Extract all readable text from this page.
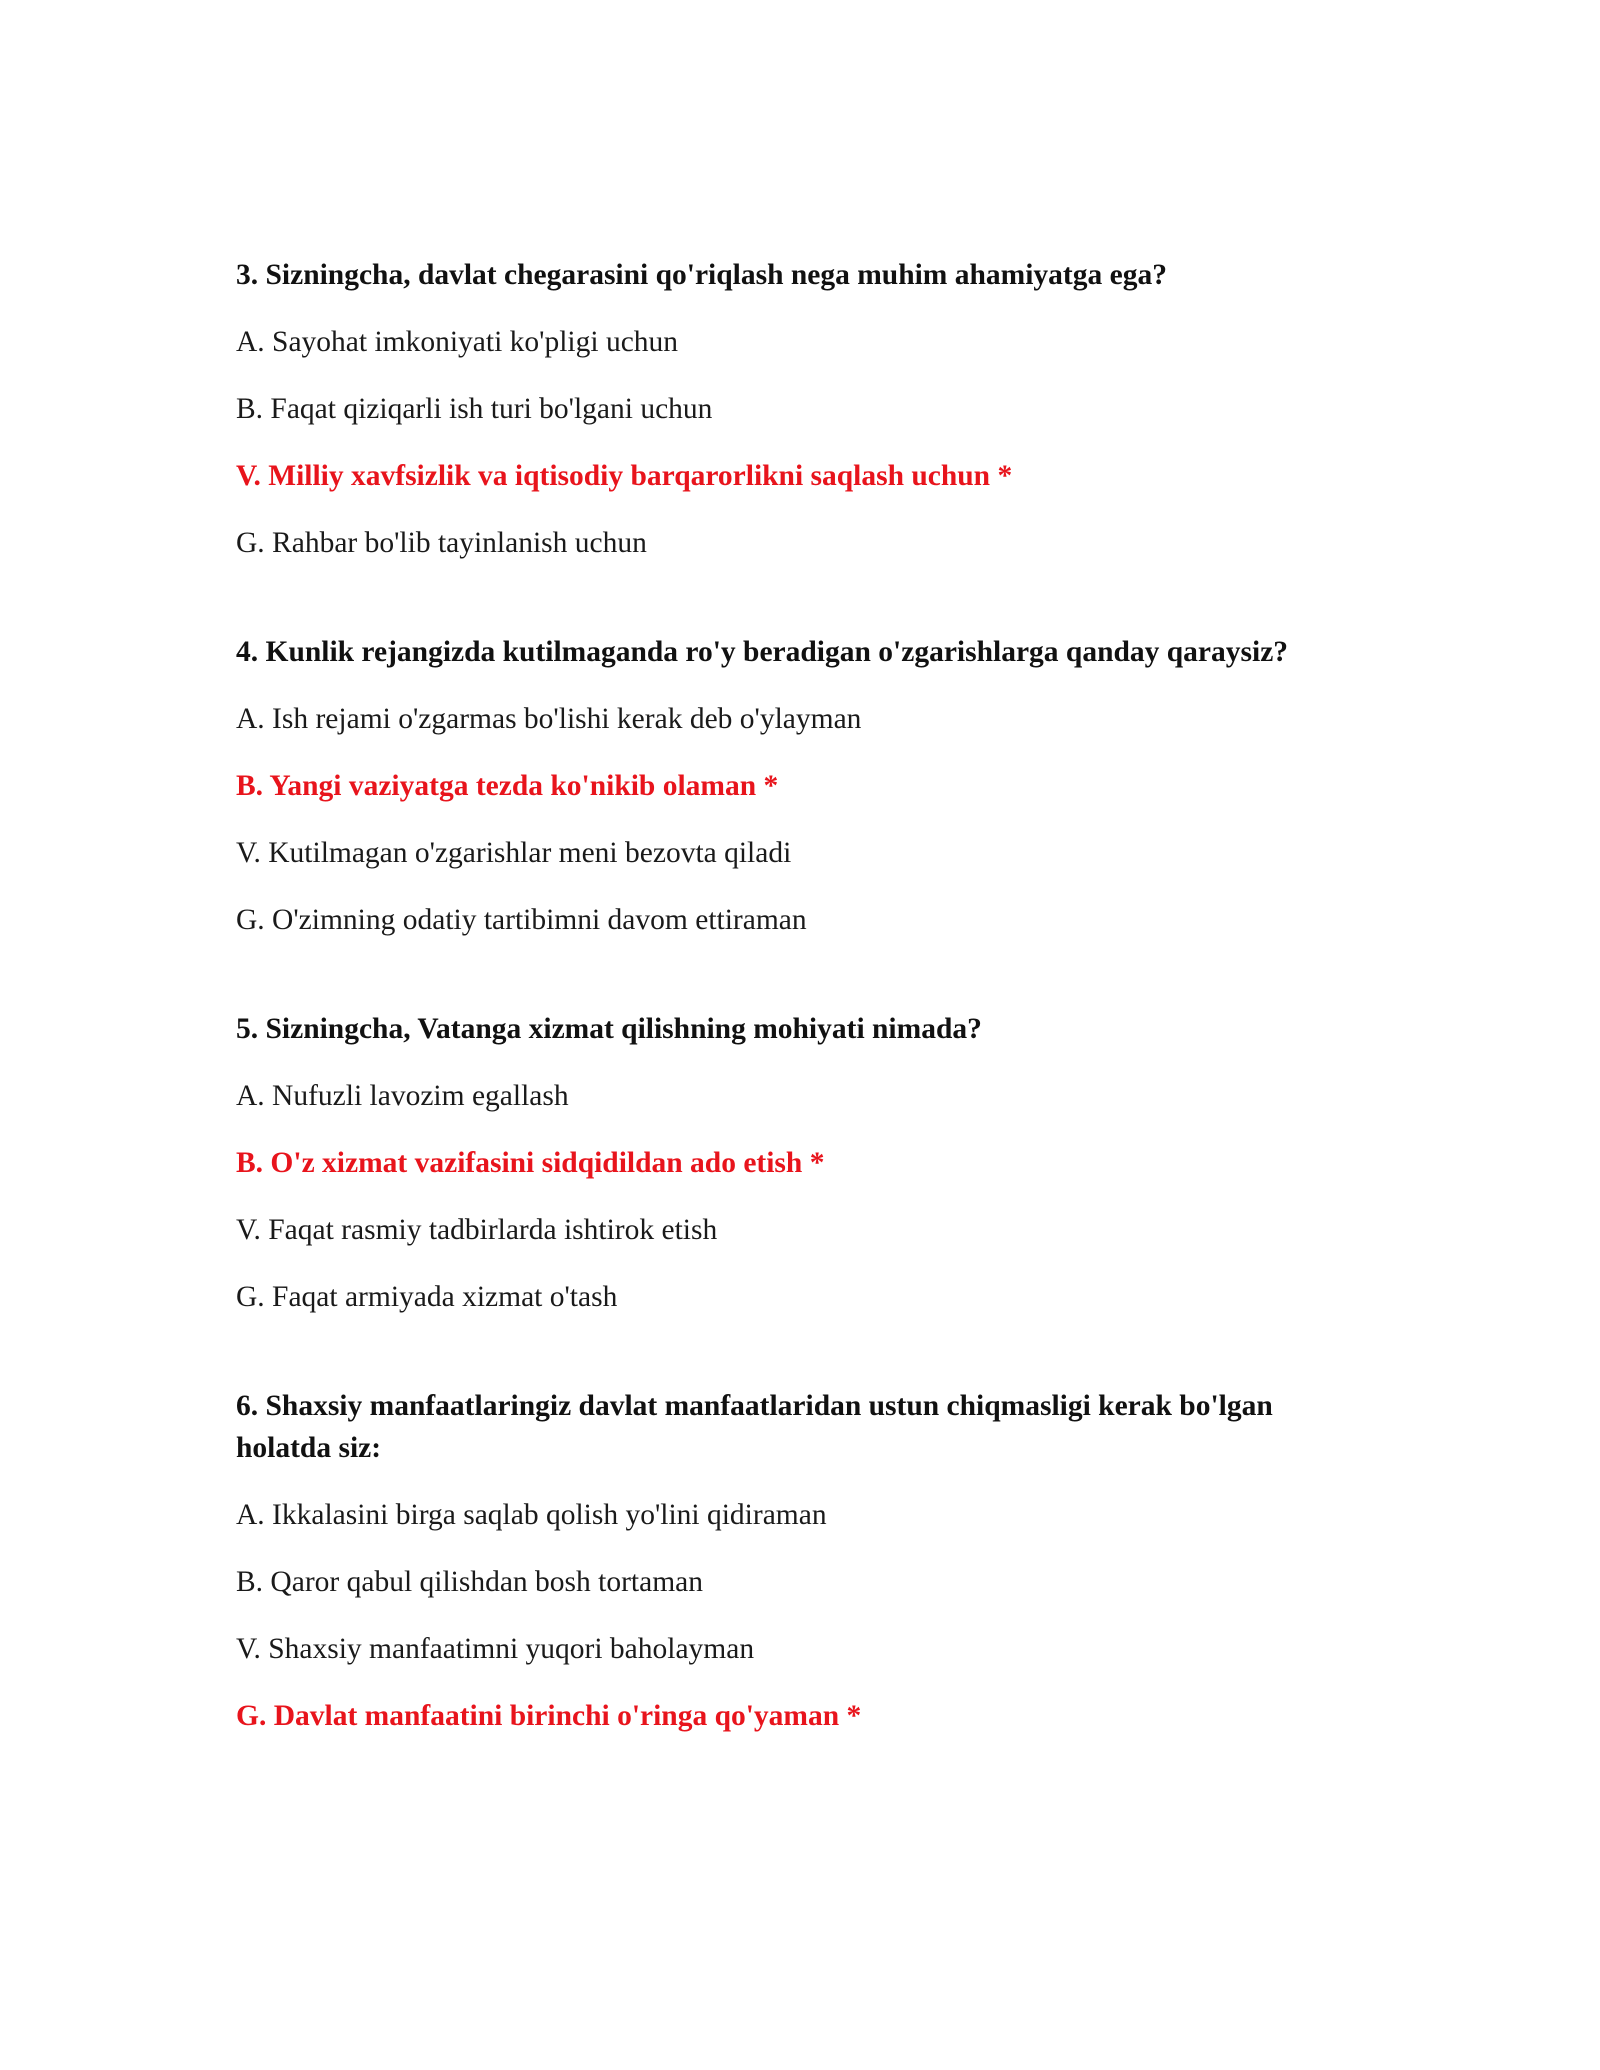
3. Sizningcha, davlat chegarasini qo'riqlash nega muhim ahamiyatga ega?
A. Sayohat imkoniyati ko'pligi uchun
B. Faqat qiziqarli ish turi bo'lgani uchun
V. Milliy xavfsizlik va iqtisodiy barqarorlikni saqlash uchun *
G. Rahbar bo'lib tayinlanish uchun
4. Kunlik rejangizda kutilmaganda ro'y beradigan o'zgarishlarga qanday qaraysiz?
A. Ish rejami o'zgarmas bo'lishi kerak deb o'ylayman
B. Yangi vaziyatga tezda ko'nikib olaman *
V. Kutilmagan o'zgarishlar meni bezovta qiladi
G. O'zimning odatiy tartibimni davom ettiraman
5. Sizningcha, Vatanga xizmat qilishning mohiyati nimada?
A. Nufuzli lavozim egallash
B. O'z xizmat vazifasini sidqidildan ado etish *
V. Faqat rasmiy tadbirlarda ishtirok etish
G. Faqat armiyada xizmat o'tash
6. Shaxsiy manfaatlaringiz davlat manfaatlaridan ustun chiqmasligi kerak bo'lgan holatda siz:
A. Ikkalasini birga saqlab qolish yo'lini qidiraman
B. Qaror qabul qilishdan bosh tortaman
V. Shaxsiy manfaatimni yuqori baholayman
G. Davlat manfaatini birinchi o'ringa qo'yaman *
